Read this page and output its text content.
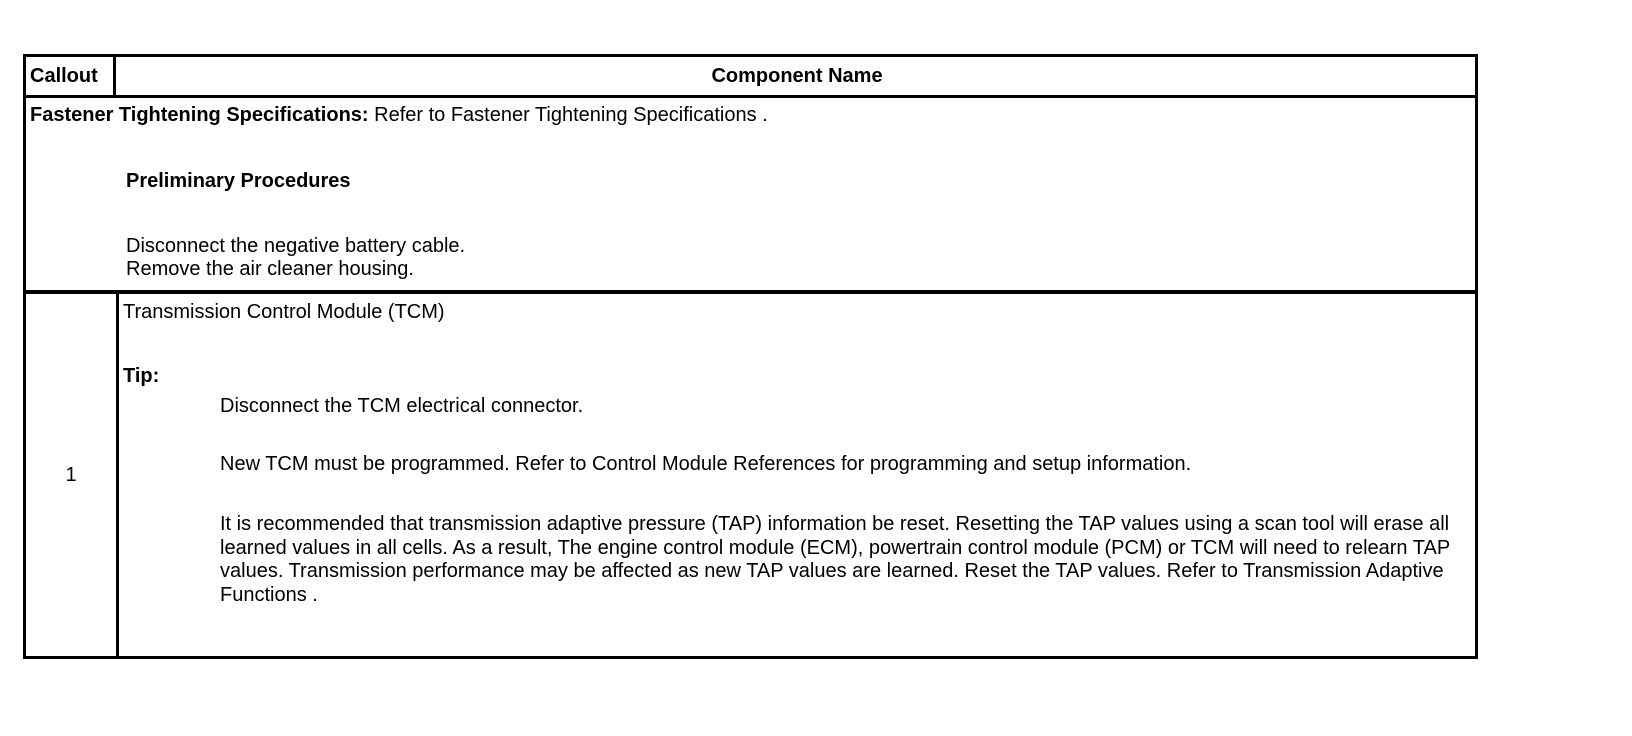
Callout	Component Name
Fastener Tightening Specifications: Refer to Fastener Tightening Specifications .
Preliminary Procedures
Disconnect the negative battery cable.
Remove the air cleaner housing.
1
Transmission Control Module (TCM)
Tip:
Disconnect the TCM electrical connector.
New TCM must be programmed. Refer to Control Module References for programming and setup information.
It is recommended that transmission adaptive pressure (TAP) information be reset. Resetting the TAP values using a scan tool will erase all learned values in all cells. As a result, The engine control module (ECM), powertrain control module (PCM) or TCM will need to relearn TAP values. Transmission performance may be affected as new TAP values are learned. Reset the TAP values. Refer to Transmission Adaptive Functions .
